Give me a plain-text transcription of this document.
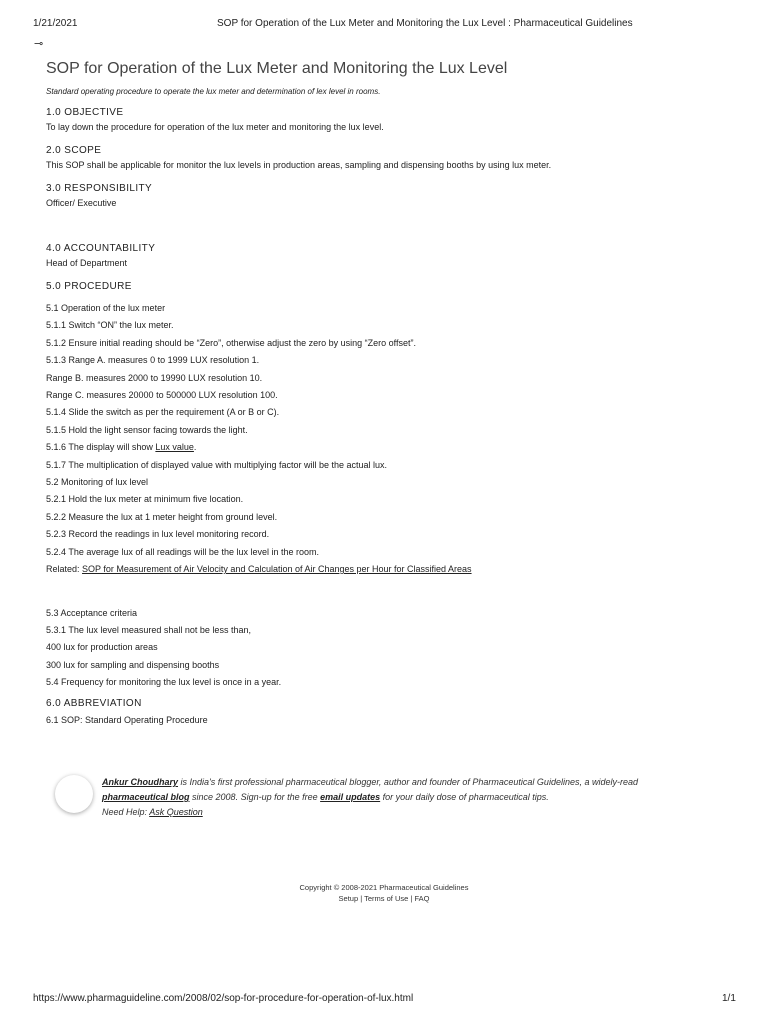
1/21/2021	SOP for Operation of the Lux Meter and Monitoring the Lux Level : Pharmaceutical Guidelines
⊸
SOP for Operation of the Lux Meter and Monitoring the Lux Level
Standard operating procedure to operate the lux meter and determination of lex level in rooms.
1.0 OBJECTIVE
To lay down the procedure for operation of the lux meter and monitoring the lux level.
2.0 SCOPE
This SOP shall be applicable for monitor the lux levels in production areas, sampling and dispensing booths by using lux meter.
3.0 RESPONSIBILITY
Officer/ Executive
4.0 ACCOUNTABILITY
Head of Department
5.0 PROCEDURE

5.1 Operation of the lux meter

5.1.1 Switch “ON” the lux meter.

5.1.2 Ensure initial reading should be “Zero”, otherwise adjust the zero by using “Zero offset”.

5.1.3 Range A. measures 0 to 1999 LUX resolution 1.

Range B. measures 2000 to 19990 LUX resolution 10.

Range C. measures 20000 to 500000 LUX resolution 100.

5.1.4 Slide the switch as per the requirement (A or B or C).

5.1.5 Hold the light sensor facing towards the light.

5.1.6 The display will show Lux value.

5.1.7 The multiplication of displayed value with multiplying factor will be the actual lux.

5.2 Monitoring of lux level

5.2.1 Hold the lux meter at minimum five location.

5.2.2 Measure the lux at 1 meter height from ground level.

5.2.3 Record the readings in lux level monitoring record.

5.2.4 The average lux of all readings will be the lux level in the room.

Related: SOP for Measurement of Air Velocity and Calculation of Air Changes per Hour for Classified Areas

5.3 Acceptance criteria

5.3.1 The lux level measured shall not be less than,

400 lux for production areas

300 lux for sampling and dispensing booths

5.4 Frequency for monitoring the lux level is once in a year.

6.0 ABBREVIATION
6.1 SOP: Standard Operating Procedure
Ankur Choudhary is India's first professional pharmaceutical blogger, author and founder of Pharmaceutical Guidelines, a widely-read
pharmaceutical blog since 2008. Sign-up for the free email updates for your daily dose of pharmaceutical tips.
Need Help: Ask Question
Copyright © 2008-2021 Pharmaceutical Guidelines
Setup | Terms of Use | FAQ
https://www.pharmaguideline.com/2008/02/sop-for-procedure-for-operation-of-lux.html	1/1
